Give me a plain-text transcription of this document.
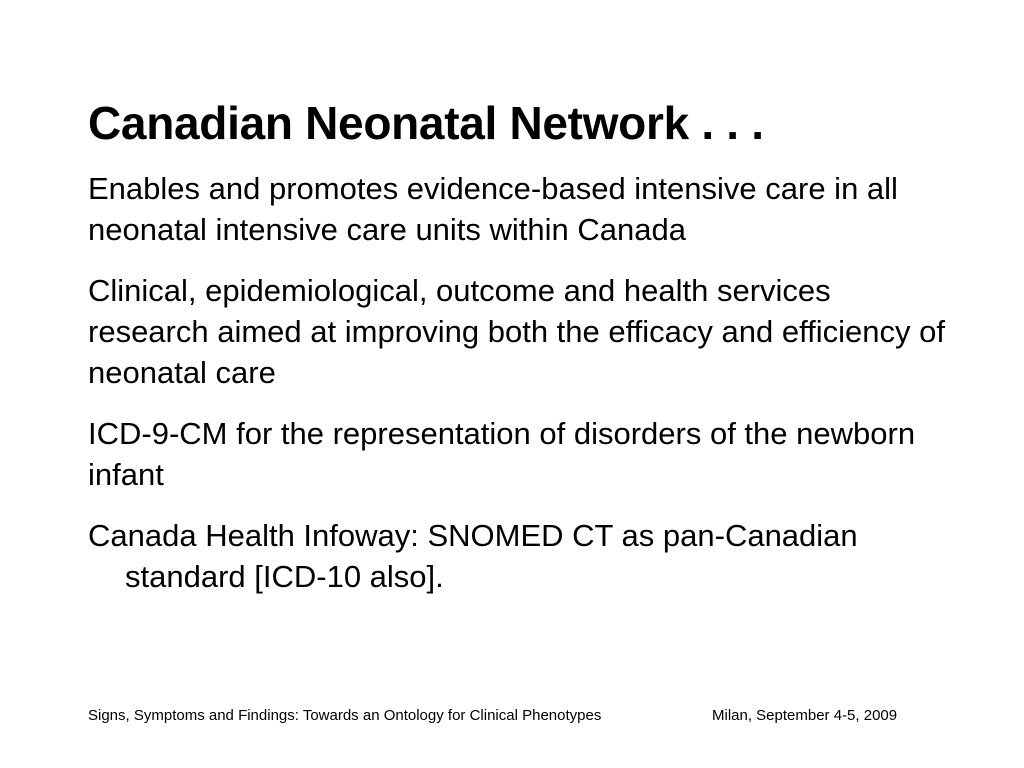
Canadian Neonatal Network . . .
Enables and promotes evidence-based intensive care in all neonatal intensive care units within Canada
Clinical, epidemiological, outcome and health services research aimed at improving both the efficacy and efficiency of neonatal care
ICD-9-CM for the representation of disorders of the newborn infant
Canada Health Infoway: SNOMED CT as pan-Canadian standard [ICD-10 also].
Signs, Symptoms and Findings: Towards an Ontology for Clinical Phenotypes	Milan, September 4-5, 2009
